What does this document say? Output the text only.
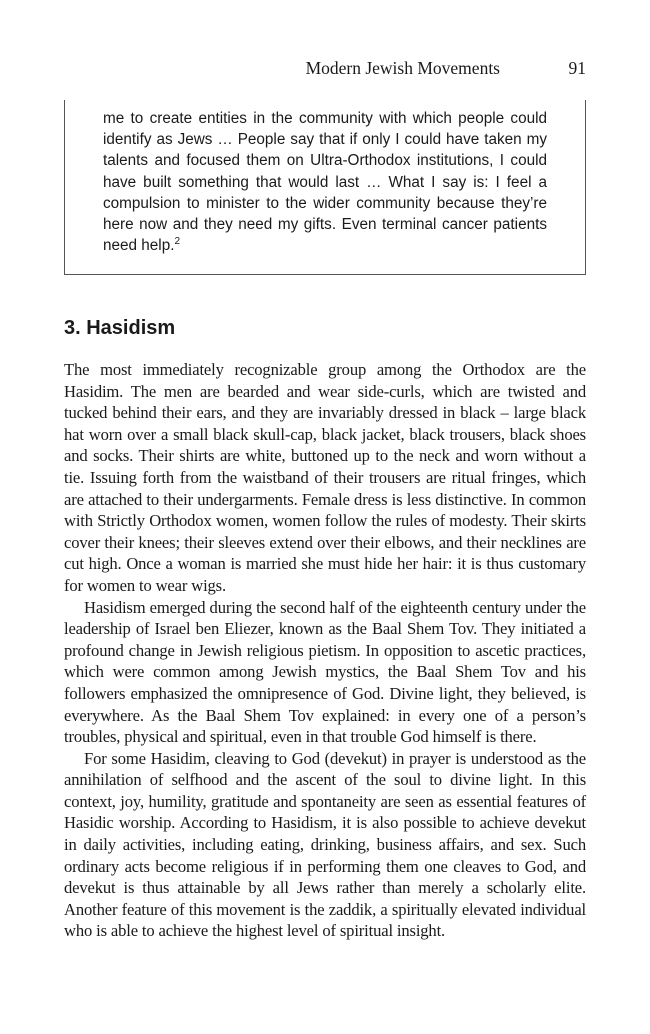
Modern Jewish Movements	91
me to create entities in the community with which people could identify as Jews … People say that if only I could have taken my talents and focused them on Ultra-Orthodox institutions, I could have built something that would last … What I say is: I feel a compulsion to minister to the wider community because they’re here now and they need my gifts. Even terminal cancer patients need help.$^2$
3. Hasidism

The most immediately recognizable group among the Orthodox are the Hasidim. The men are bearded and wear side-curls, which are twisted and tucked behind their ears, and they are invariably dressed in black – large black hat worn over a small black skull-cap, black jacket, black trousers, black shoes and socks. Their shirts are white, buttoned up to the neck and worn without a tie. Issuing forth from the waistband of their trousers are ritual fringes, which are attached to their undergarments. Female dress is less distinctive. In common with Strictly Orthodox women, women follow the rules of modesty. Their skirts cover their knees; their sleeves extend over their elbows, and their necklines are cut high. Once a woman is married she must hide her hair: it is thus customary for women to wear wigs.

Hasidism emerged during the second half of the eighteenth century under the leadership of Israel ben Eliezer, known as the Baal Shem Tov. They initiated a profound change in Jewish religious pietism. In opposition to ascetic practices, which were common among Jewish mystics, the Baal Shem Tov and his followers emphasized the omnipresence of God. Divine light, they believed, is everywhere. As the Baal Shem Tov explained: in every one of a person’s troubles, physical and spiritual, even in that trouble God himself is there.

For some Hasidim, cleaving to God (devekut) in prayer is understood as the annihilation of selfhood and the ascent of the soul to divine light. In this context, joy, humility, gratitude and spontaneity are seen as essential features of Hasidic worship. According to Hasidism, it is also possible to achieve devekut in daily activities, including eating, drinking, business affairs, and sex. Such ordinary acts become religious if in performing them one cleaves to God, and devekut is thus attainable by all Jews rather than merely a scholarly elite. Another feature of this movement is the zaddik, a spiritually elevated individual who is able to achieve the highest level of spiritual insight.
